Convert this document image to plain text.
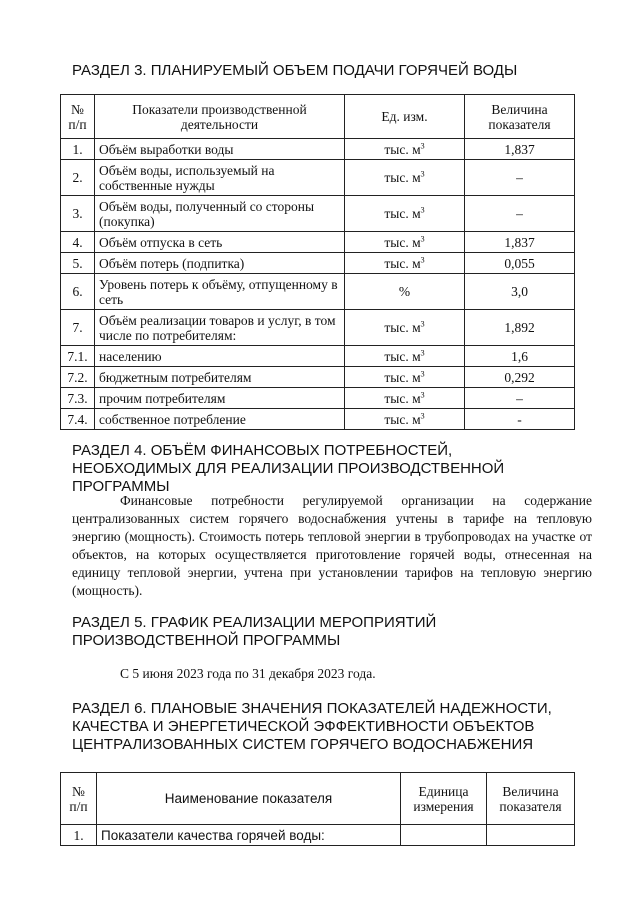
РАЗДЕЛ 3. ПЛАНИРУЕМЫЙ ОБЪЕМ ПОДАЧИ ГОРЯЧЕЙ ВОДЫ
№ п/п	Показатели производственной деятельности	Ед. изм.	Величина показателя
1.	Объём выработки воды	тыс. $м^3$	1,837
2.	Объём воды, используемый на собственные нужды	тыс. $м^3$	–
3.	Объём воды, полученный со стороны (покупка)	тыс. $м^3$	–
4.	Объём отпуска в сеть	тыс. $м^3$	1,837
5.	Объём потерь (подпитка)	тыс. $м^3$	0,055
6.	Уровень потерь к объёму, отпущенному в сеть	%	3,0
7.	Объём реализации товаров и услуг, в том числе по потребителям:	тыс. $м^3$	1,892
7.1.	населению	тыс. $м^3$	1,6
7.2.	бюджетным потребителям	тыс. $м^3$	0,292
7.3.	прочим потребителям	тыс. $м^3$	–
7.4.	собственное потребление	тыс. $м^3$	-
РАЗДЕЛ 4. ОБЪЁМ ФИНАНСОВЫХ ПОТРЕБНОСТЕЙ, НЕОБХОДИМЫХ ДЛЯ РЕАЛИЗАЦИИ ПРОИЗВОДСТВЕННОЙ ПРОГРАММЫ

Финансовые потребности регулируемой организации на содержание централизованных систем горячего водоснабжения учтены в тарифе на тепловую энергию (мощность). Стоимость потерь тепловой энергии в трубопроводах на участке от объектов, на которых осуществляется приготовление горячей воды, отнесенная на единицу тепловой энергии, учтена при установлении тарифов на тепловую энергию (мощность).

РАЗДЕЛ 5. ГРАФИК РЕАЛИЗАЦИИ МЕРОПРИЯТИЙ ПРОИЗВОДСТВЕННОЙ ПРОГРАММЫ

С 5 июня 2023 года по 31 декабря 2023 года.

РАЗДЕЛ 6. ПЛАНОВЫЕ ЗНАЧЕНИЯ ПОКАЗАТЕЛЕЙ НАДЕЖНОСТИ, КАЧЕСТВА И ЭНЕРГЕТИЧЕСКОЙ ЭФФЕКТИВНОСТИ ОБЪЕКТОВ ЦЕНТРАЛИЗОВАННЫХ СИСТЕМ ГОРЯЧЕГО ВОДОСНАБЖЕНИЯ
№ п/п	Наименование показателя	Единица измерения	Величина показателя
1.	Показатели качества горячей воды:		
